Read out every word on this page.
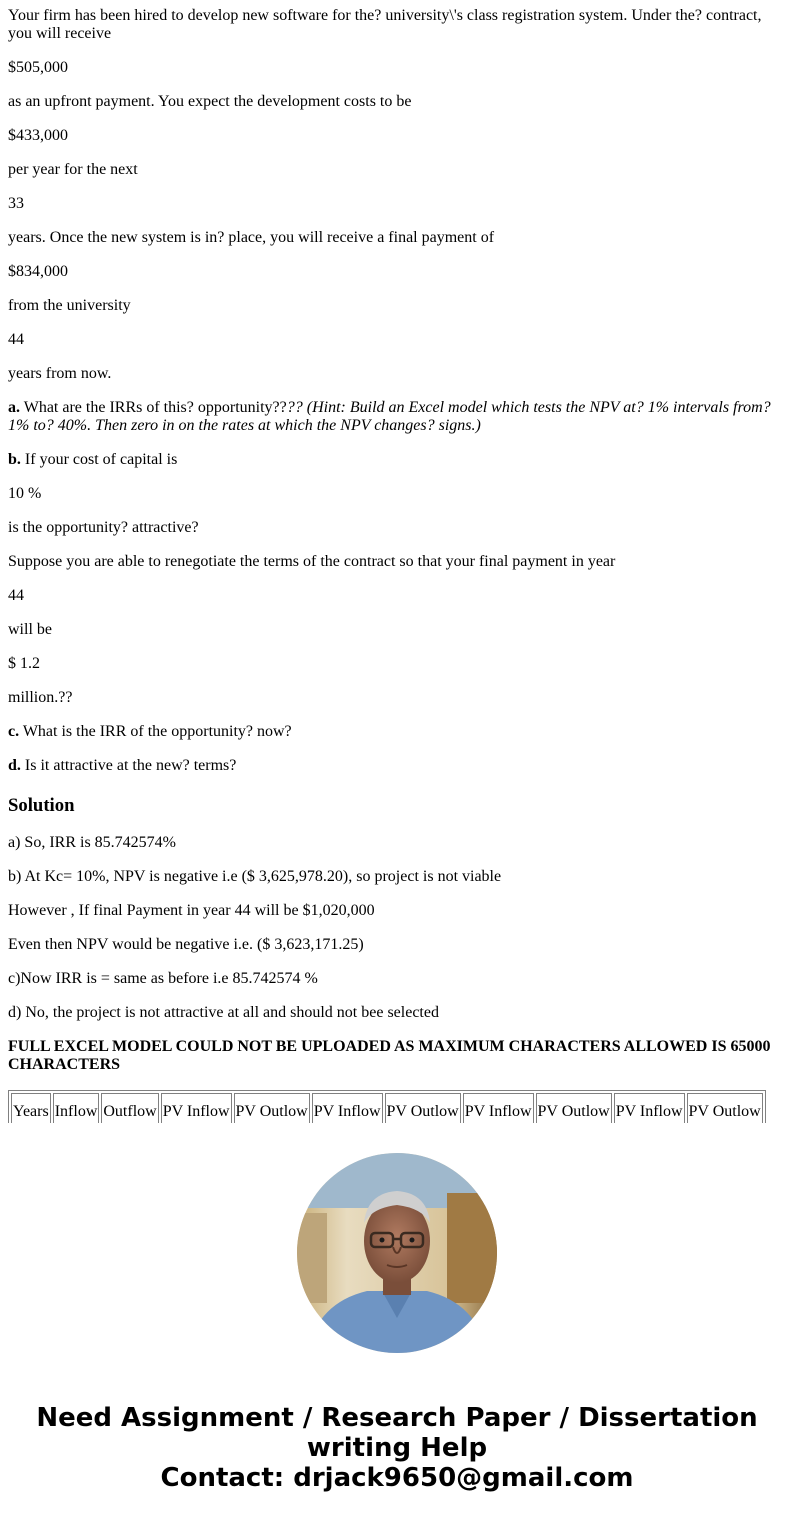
Your firm has been hired to develop new software for the? university\'s class registration system. Under the? contract, you will receive

$505,000

as an upfront payment. You expect the development costs to be

$433,000

per year for the next

33

years. Once the new system is in? place, you will receive a final payment of

$834,000

from the university

44

years from now.

a. What are the IRRs of this? opportunity???? (Hint: Build an Excel model which tests the NPV at? 1% intervals from? 1% to? 40%. Then zero in on the rates at which the NPV changes? signs.)

b. If your cost of capital is

10 %

is the opportunity? attractive?

Suppose you are able to renegotiate the terms of the contract so that your final payment in year

44

will be

$ 1.2

million.??

c. What is the IRR of the opportunity? now?

d. Is it attractive at the new? terms?

Solution

a) So, IRR is 85.742574%

b) At Kc= 10%, NPV is negative i.e ($ 3,625,978.20), so project is not viable

However , If final Payment in year 44 will be $1,020,000

Even then NPV would be negative i.e. ($ 3,623,171.25)

c)Now IRR is = same as before i.e 85.742574 %

d) No, the project is not attractive at all and should not bee selected

FULL EXCEL MODEL COULD NOT BE UPLOADED AS MAXIMUM CHARACTERS ALLOWED IS 65000 CHARACTERS

Years	Inflow	Outflow	PV Inflow	PV Outlow	PV Inflow	PV Outlow	PV Inflow	PV Outlow	PV Inflow	PV Outlow
Need Assignment / Research Paper / Dissertation writing Help
Contact: drjack9650@gmail.com
